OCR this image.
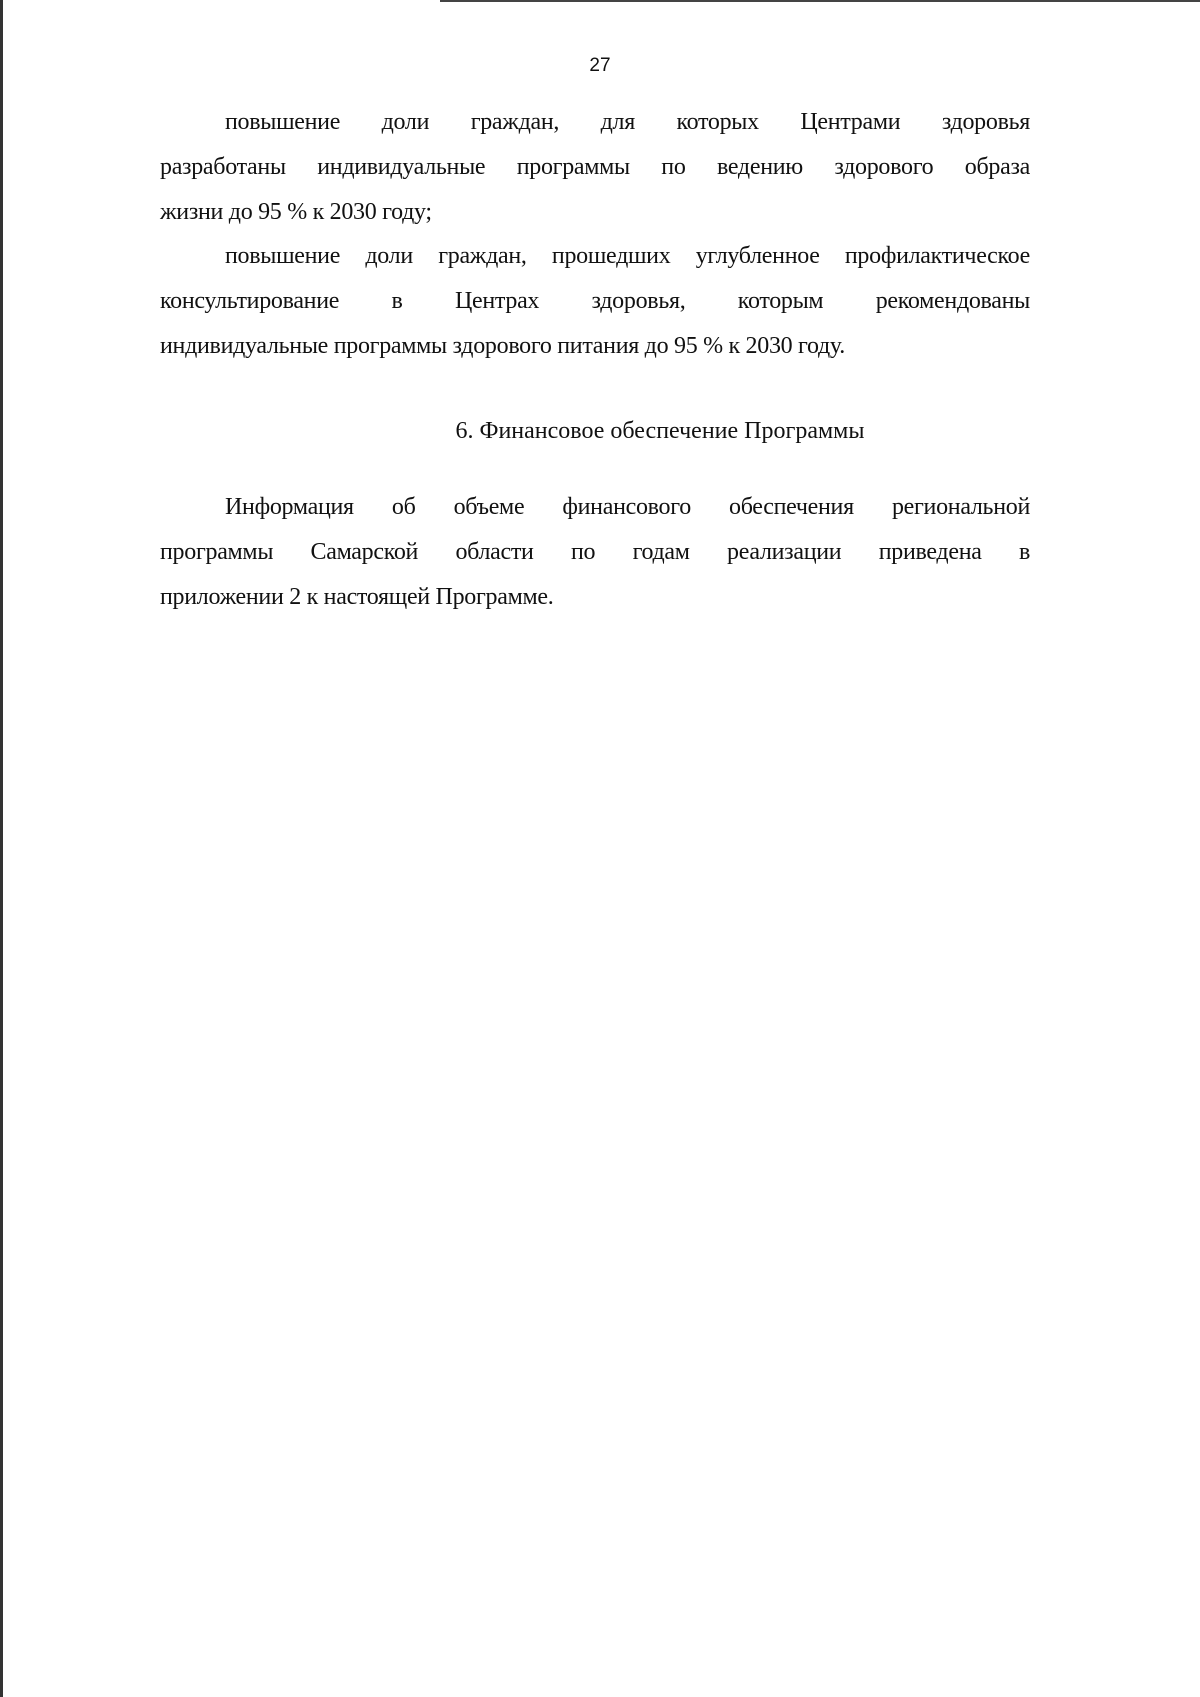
27
повышение доли граждан, для которых Центрами здоровья
разработаны индивидуальные программы по ведению здорового образа
жизни до 95 % к 2030 году;
повышение доли граждан, прошедших углубленное профилактическое
консультирование в Центрах здоровья, которым рекомендованы
индивидуальные программы здорового питания до 95 % к 2030 году.
6. Финансовое обеспечение Программы
Информация об объеме финансового обеспечения региональной
программы Самарской области по годам реализации приведена в
приложении 2 к настоящей Программе.
